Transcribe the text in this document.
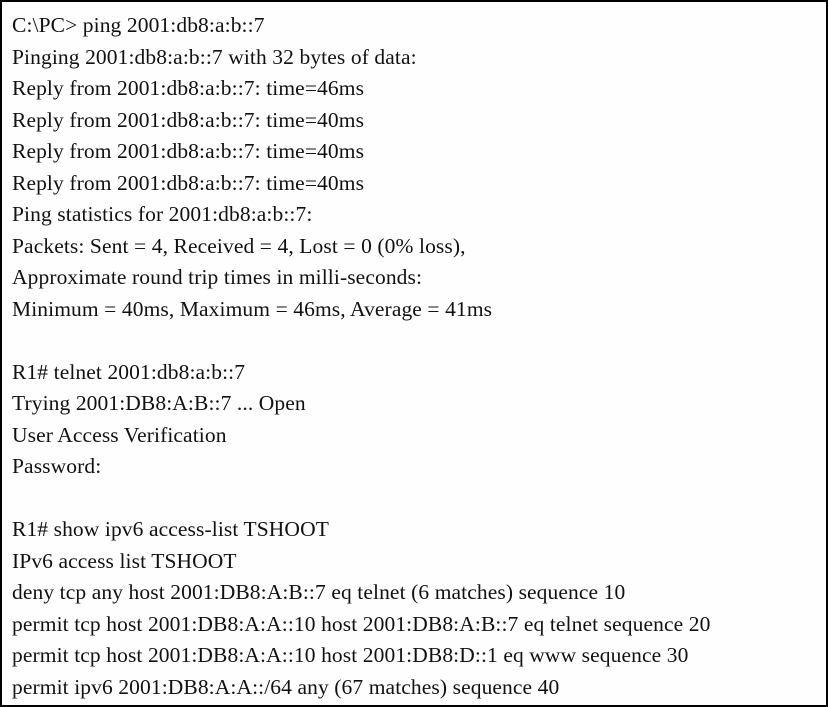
C:\PC> ping 2001:db8:a:b::7
Pinging 2001:db8:a:b::7 with 32 bytes of data:
Reply from 2001:db8:a:b::7: time=46ms
Reply from 2001:db8:a:b::7: time=40ms
Reply from 2001:db8:a:b::7: time=40ms
Reply from 2001:db8:a:b::7: time=40ms
Ping statistics for 2001:db8:a:b::7:
Packets: Sent = 4, Received = 4, Lost = 0 (0% loss),
Approximate round trip times in milli-seconds:
Minimum = 40ms, Maximum = 46ms, Average = 41ms
R1# telnet 2001:db8:a:b::7
Trying 2001:DB8:A:B::7 ... Open
User Access Verification
Password:
R1# show ipv6 access-list TSHOOT
IPv6 access list TSHOOT
deny tcp any host 2001:DB8:A:B::7 eq telnet (6 matches) sequence 10
permit tcp host 2001:DB8:A:A::10 host 2001:DB8:A:B::7 eq telnet sequence 20
permit tcp host 2001:DB8:A:A::10 host 2001:DB8:D::1 eq www sequence 30
permit ipv6 2001:DB8:A:A::/64 any (67 matches) sequence 40
